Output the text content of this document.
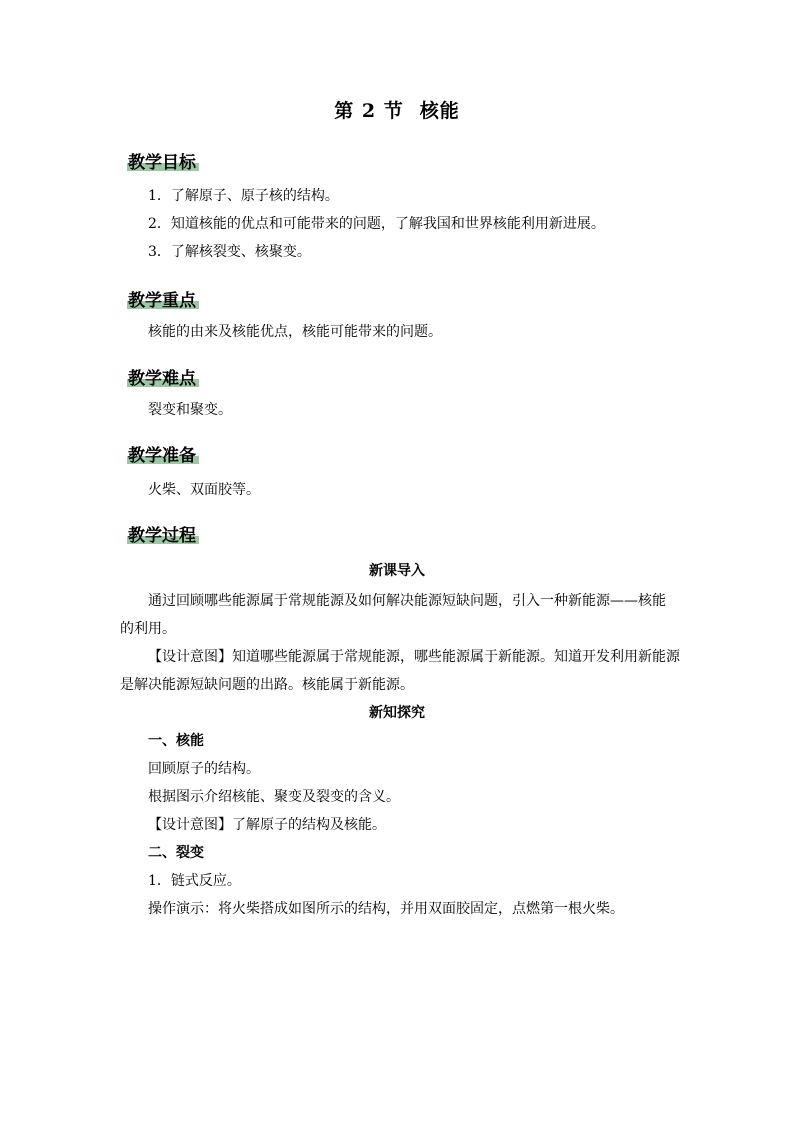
第 2 节 核能
教学目标
1．了解原子、原子核的结构。
2．知道核能的优点和可能带来的问题，了解我国和世界核能利用新进展。
3．了解核裂变、核聚变。
教学重点
核能的由来及核能优点，核能可能带来的问题。
教学难点
裂变和聚变。
教学准备
火柴、双面胶等。
教学过程
新课导入
通过回顾哪些能源属于常规能源及如何解决能源短缺问题，引入一种新能源——核能
的利用。
【设计意图】知道哪些能源属于常规能源，哪些能源属于新能源。知道开发利用新能源
是解决能源短缺问题的出路。核能属于新能源。
新知探究
一、核能
回顾原子的结构。
根据图示介绍核能、聚变及裂变的含义。
【设计意图】了解原子的结构及核能。
二、裂变
1．链式反应。
操作演示：将火柴搭成如图所示的结构，并用双面胶固定，点燃第一根火柴。
